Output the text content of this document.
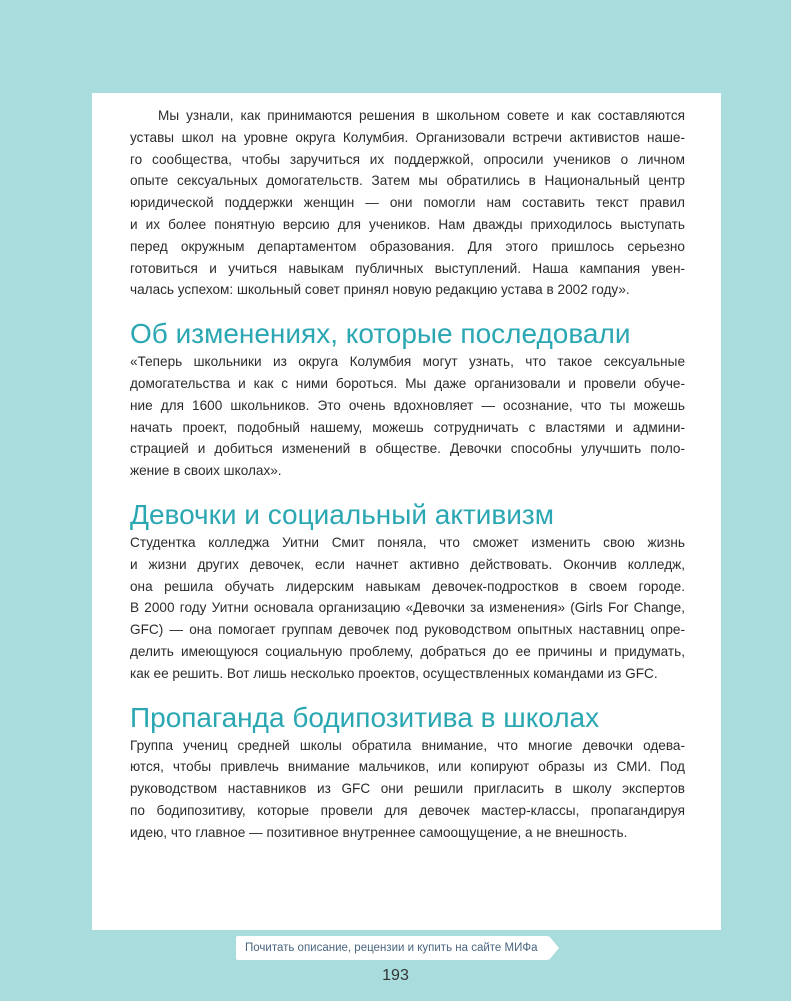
Мы узнали, как принимаются решения в школьном совете и как составляются
уставы школ на уровне округа Колумбия. Организовали встречи активистов наше-
го сообщества, чтобы заручиться их поддержкой, опросили учеников о личном
опыте сексуальных домогательств. Затем мы обратились в Национальный центр
юридической поддержки женщин — они помогли нам составить текст правил
и их более понятную версию для учеников. Нам дважды приходилось выступать
перед окружным департаментом образования. Для этого пришлось серьезно
готовиться и учиться навыкам публичных выступлений. Наша кампания увен-
чалась успехом: школьный совет принял новую редакцию устава в 2002 году».
Об изменениях, которые последовали
«Теперь школьники из округа Колумбия могут узнать, что такое сексуальные
домогательства и как с ними бороться. Мы даже организовали и провели обуче-
ние для 1600 школьников. Это очень вдохновляет — осознание, что ты можешь
начать проект, подобный нашему, можешь сотрудничать с властями и админи-
страцией и добиться изменений в обществе. Девочки способны улучшить поло-
жение в своих школах».
Девочки и социальный активизм
Студентка колледжа Уитни Смит поняла, что сможет изменить свою жизнь
и жизни других девочек, если начнет активно действовать. Окончив колледж,
она решила обучать лидерским навыкам девочек-подростков в своем городе.
В 2000 году Уитни основала организацию «Девочки за изменения» (Girls For Change,
GFC) — она помогает группам девочек под руководством опытных наставниц опре-
делить имеющуюся социальную проблему, добраться до ее причины и придумать,
как ее решить. Вот лишь несколько проектов, осуществленных командами из GFC.
Пропаганда бодипозитива в школах
Группа учениц средней школы обратила внимание, что многие девочки одева-
ются, чтобы привлечь внимание мальчиков, или копируют образы из СМИ. Под
руководством наставников из GFC они решили пригласить в школу экспертов
по бодипозитиву, которые провели для девочек мастер-классы, пропагандируя
идею, что главное — позитивное внутреннее самоощущение, а не внешность.
Почитать описание, рецензии и купить на сайте МИФа
193
